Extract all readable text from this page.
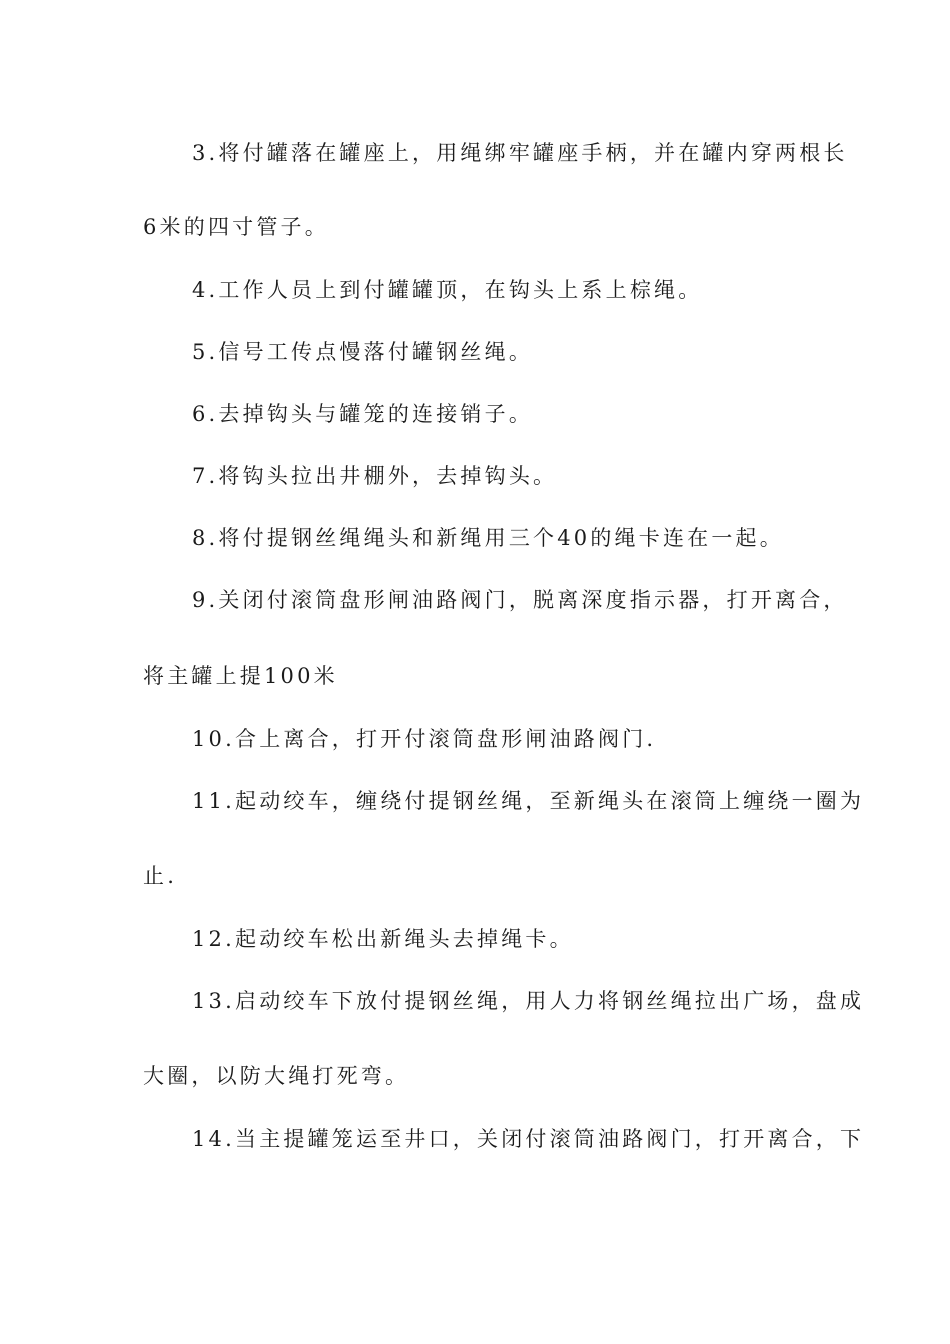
3.将付罐落在罐座上，用绳绑牢罐座手柄，并在罐内穿两根长
6米的四寸管子。
4.工作人员上到付罐罐顶，在钩头上系上棕绳。
5.信号工传点慢落付罐钢丝绳。
6.去掉钩头与罐笼的连接销子。
7.将钩头拉出井棚外，去掉钩头。
8.将付提钢丝绳绳头和新绳用三个40的绳卡连在一起。
9.关闭付滚筒盘形闸油路阀门，脱离深度指示器，打开离合，
将主罐上提100米
10.合上离合，打开付滚筒盘形闸油路阀门.
11.起动绞车，缠绕付提钢丝绳，至新绳头在滚筒上缠绕一圈为
止.
12.起动绞车松出新绳头去掉绳卡。
13.启动绞车下放付提钢丝绳，用人力将钢丝绳拉出广场，盘成
大圈，以防大绳打死弯。
14.当主提罐笼运至井口，关闭付滚筒油路阀门，打开离合，下
